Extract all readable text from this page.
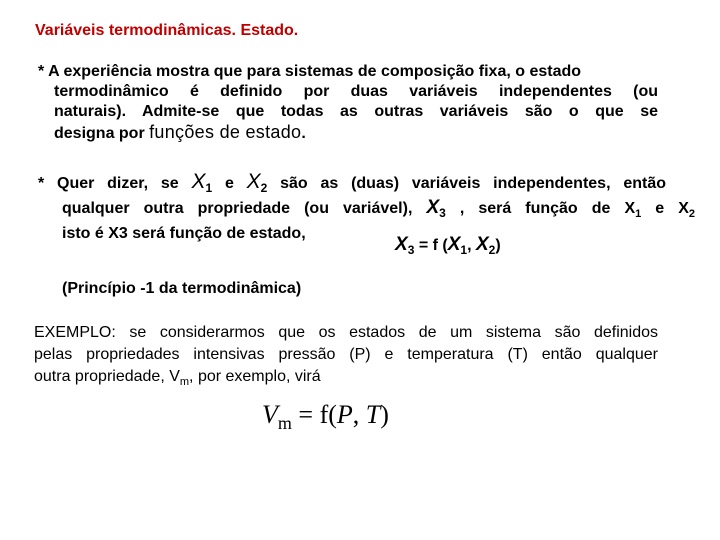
Variáveis termodinâmicas. Estado.
* A experiência mostra que para sistemas de composição fixa, o estado
termodinâmico é definido por duas variáveis independentes (ou
naturais). Admite-se que todas as outras variáveis são o que se
designa por funções de estado.
* Quer dizer, se $X_1$ e $X_2$ são as (duas) variáveis independentes, então
qualquer outra propriedade (ou variável), $X_3$ , será função de $X_1$ e $X_2$
isto é X3 será função de estado,
$X_3 = f$ ($X_1$, $X_2$)
(Princípio -1 da termodinâmica)
EXEMPLO: se considerarmos que os estados de um sistema são definidos
pelas propriedades intensivas pressão (P) e temperatura (T) então qualquer
outra propriedade, $V_m$, por exemplo, virá
$V_m = f(P$, T)
